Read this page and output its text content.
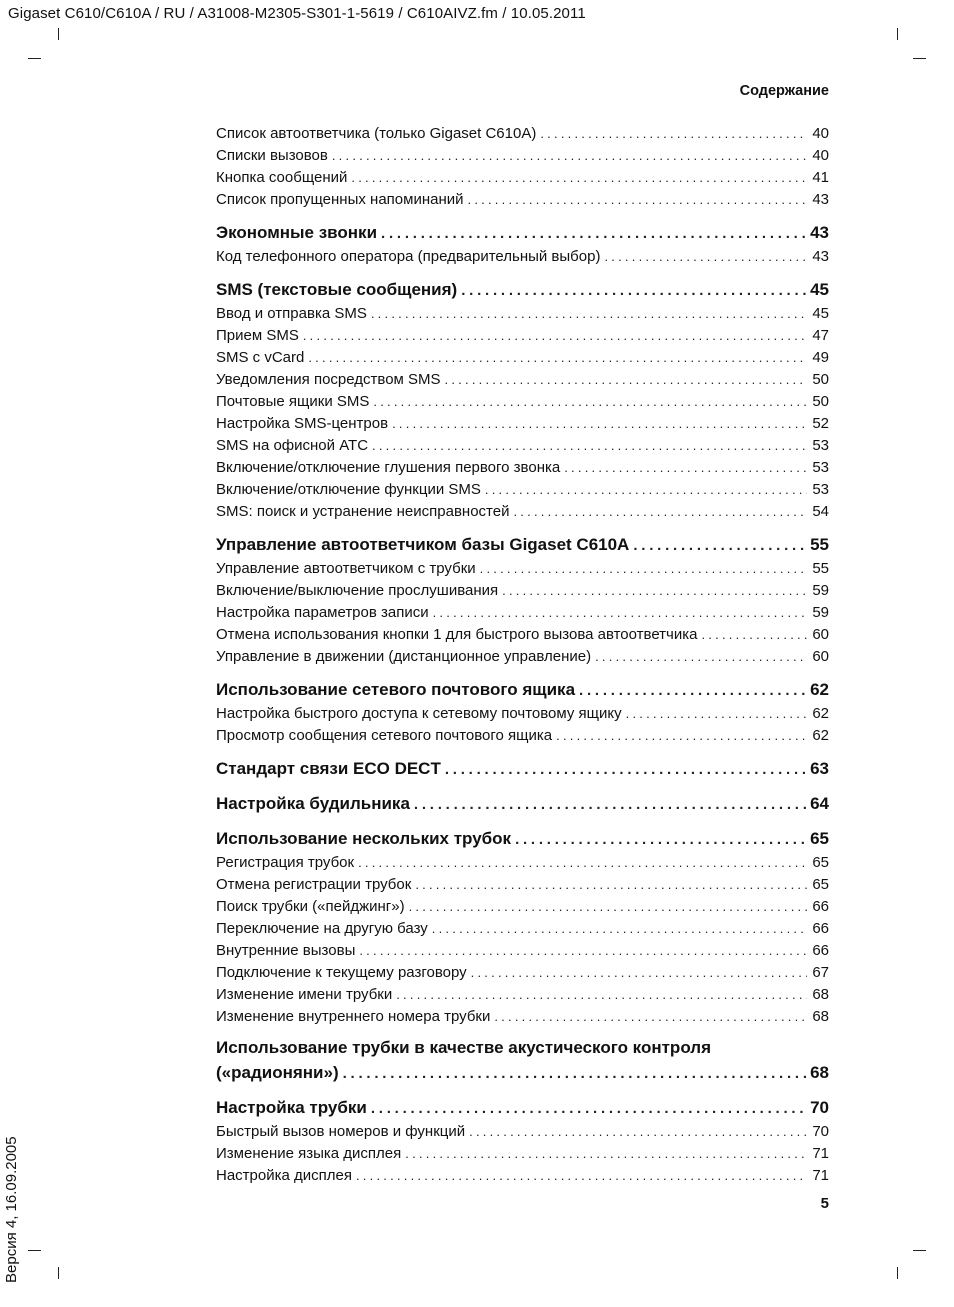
Gigaset C610/C610A / RU / A31008-M2305-S301-1-5619 / C610AIVZ.fm / 10.05.2011
Содержание
Список автоответчика (только Gigaset C610A) . . .	40
Списки вызовов . . .	40
Кнопка сообщений . . .	41
Список пропущенных напоминаний . . .	43
Экономные звонки . . .	43
Код телефонного оператора (предварительный выбор) . . .	43
SMS (текстовые сообщения) . . .	45
Ввод и отправка SMS . . .	45
Прием SMS . . .	47
SMS с vCard . . .	49
Уведомления посредством SMS . . .	50
Почтовые ящики SMS . . .	50
Настройка SMS-центров . . .	52
SMS на офисной АТС . . .	53
Включение/отключение глушения первого звонка . . .	53
Включение/отключение функции SMS . . .	53
SMS: поиск и устранение неисправностей . . .	54
Управление автоответчиком базы Gigaset C610A . . .	55
Управление автоответчиком с трубки . . .	55
Включение/выключение прослушивания . . .	59
Настройка параметров записи . . .	59
Отмена использования кнопки 1 для быстрого вызова автоответчика . . .	60
Управление в движении (дистанционное управление) . . .	60
Использование сетевого почтового ящика . . .	62
Настройка быстрого доступа к сетевому почтовому ящику . . .	62
Просмотр сообщения сетевого почтового ящика . . .	62
Стандарт связи ECO DECT . . .	63
Настройка будильника . . .	64
Использование нескольких трубок . . .	65
Регистрация трубок . . .	65
Отмена регистрации трубок . . .	65
Поиск трубки («пейджинг») . . .	66
Переключение на другую базу . . .	66
Внутренние вызовы . . .	66
Подключение к текущему разговору . . .	67
Изменение имени трубки . . .	68
Изменение внутреннего номера трубки . . .	68
Использование трубки в качестве акустического контроля
(«радионяни») . . .	68
Настройка трубки . . .	70
Быстрый вызов номеров и функций . . .	70
Изменение языка дисплея . . .	71
Настройка дисплея . . .	71
5
Версия 4, 16.09.2005
